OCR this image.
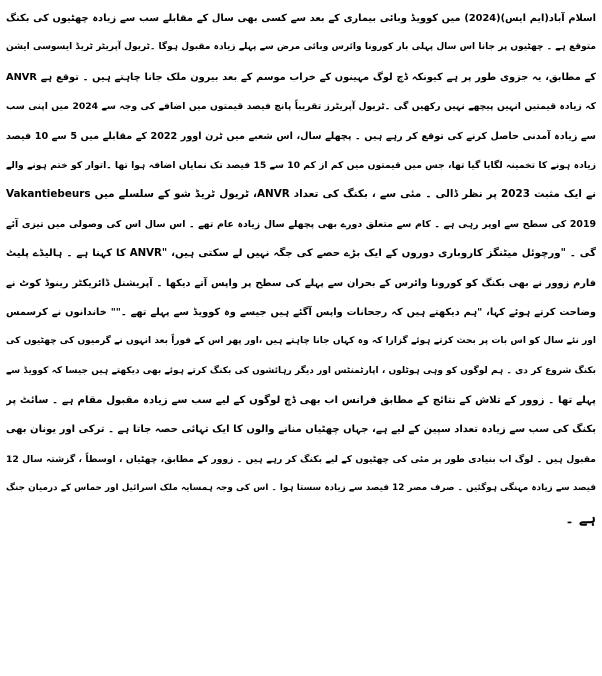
اسلام آباد(ایم ایس)(2024) میں کوویڈ وبائی بیماری کے بعد سے کسی بھی سال کے مقابلے سب سے زیادہ چھٹیوں کی بکنگ
متوقع ہے ۔ چھٹیوں پر جانا اس سال پہلی بار کورونا وائرس وبائی مرض سے پہلے زیادہ مقبول ہوگا ۔ٹریول آپریٹر ٹریڈ ایسوسی ایشن
ANVR کے مطابق، یہ جزوی طور پر ہے کیونکہ ڈچ لوگ مہینوں کے خراب موسم کے بعد بیرون ملک جانا چاہتے ہیں ۔ توقع ہے
کہ زیادہ قیمتیں انہیں پیچھے نہیں رکھیں گی ۔ٹریول آپریٹرز تقریباً پانچ فیصد قیمتوں میں اضافے کی وجہ سے 2024 میں اپنی سب
سے زیادہ آمدنی حاصل کرنے کی توقع کر رہے ہیں ۔ پچھلے سال، اس شعبے میں ٹرن اوور 2022 کے مقابلے میں 5 سے 10 فیصد
زیادہ ہونے کا تخمینہ لگایا گیا تھا، جس میں قیمتوں میں کم از کم 10 سے 15 فیصد تک نمایاں اضافہ ہوا تھا ۔اتوار کو ختم ہونے والے
Vakantiebeurs ٹریول ٹریڈ شو کے سلسلے میں ،ANVR نے ایک مثبت 2023 پر نظر ڈالی ۔ مئی سے ، بکنگ کی تعداد
2019 کی سطح سے اوپر رہی ہے ۔ کام سے متعلق دورے بھی پچھلے سال زیادہ عام تھے ۔ اس سال اس کی وصولی میں تیزی آئے
گی ۔ "ورچوئل میٹنگز کاروباری دوروں کے ایک بڑے حصے کی جگہ نہیں لے سکتی ہیں، "ANVR کا کہنا ہے ۔ ہالیڈے پلیٹ
فارم زوور نے بھی بکنگ کو کورونا وائرس کے بحران سے پہلے کی سطح پر واپس آتے دیکھا ۔ آپریشنل ڈائریکٹر رینوڈ کوٹ نے
وضاحت کرتے ہوئے کہا، "ہم دیکھتے ہیں کہ رجحانات واپس آگئے ہیں جیسے وہ کوویڈ سے پہلے تھے ۔"" خاندانوں نے کرسمس
اور نئے سال کو اس بات پر بحث کرتے ہوئے گزارا کہ وہ کہاں جانا چاہتے ہیں ،اور پھر اس کے فوراً بعد انہوں نے گرمیوں کی چھٹیوں کی
بکنگ شروع کر دی ۔ ہم لوگوں کو وہی ہوٹلوں ، اپارٹمنٹس اور دیگر رہائشوں کی بکنگ کرتے ہوئے بھی دیکھتے ہیں جیسا کہ کوویڈ سے
پہلے تھا ۔ زوور کے تلاش کے نتائج کے مطابق فرانس اب بھی ڈچ لوگوں کے لیے سب سے زیادہ مقبول مقام ہے ۔ سائٹ پر
بکنگ کی سب سے زیادہ تعداد سپین کے لیے ہے، جہاں چھٹیاں منانے والوں کا ایک تہائی حصہ جاتا ہے ۔ ترکی اور یونان بھی
مقبول ہیں ۔ لوگ اب بنیادی طور پر مئی کی چھٹیوں کے لیے بکنگ کر رہے ہیں ۔ زوور کے مطابق، چھٹیاں ، اوسطاً ، گزشتہ سال 12
فیصد سے زیادہ مہنگی ہوگئیں ۔ صرف مصر 12 فیصد سے زیادہ سستا ہوا ۔ اس کی وجہ ہمسایہ ملک اسرائیل اور حماس کے درمیان جنگ
ہے ۔
